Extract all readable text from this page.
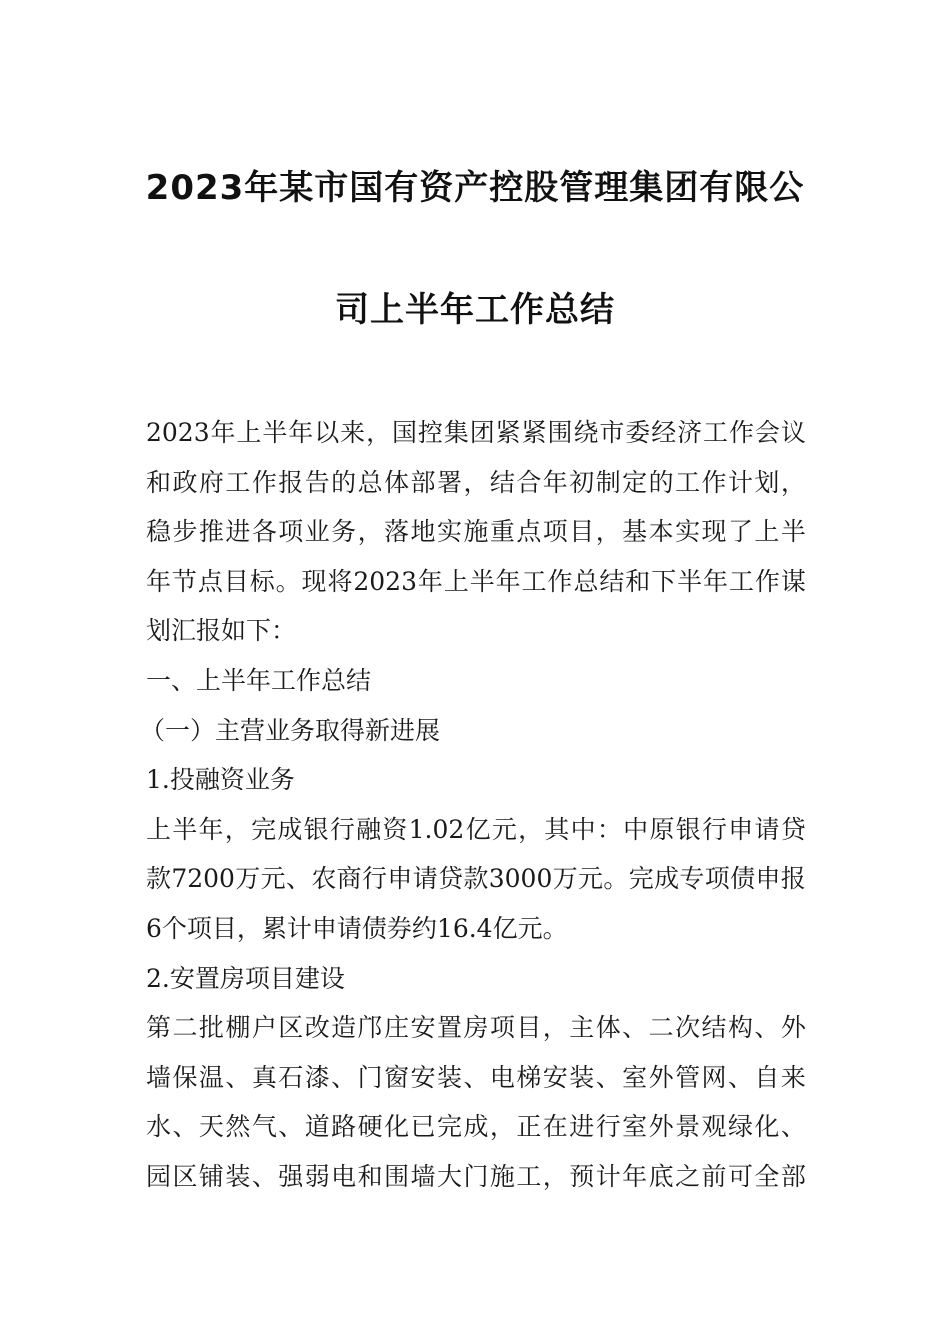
2023年某市国有资产控股管理集团有限公
司上半年工作总结

2023 年 上 半 年 以 来 ， 国 控 集 团 紧 紧 围 绕 市 委 经 济 工 作 会 议
和 政 府 工 作 报 告 的 总 体 部 署 ， 结 合 年 初 制 定 的 工 作 计 划 ，
稳 步 推 进 各 项 业 务 ， 落 地 实 施 重 点 项 目 ， 基 本 实 现 了 上 半
年 节 点 目 标 。 现 将 2023 年 上 半 年 工 作 总 结 和 下 半 年 工 作 谋
划汇报如下：

一、上半年工作总结

（一）主营业务取得新进展

1.投融资业务

上 半 年 ， 完 成 银 行 融 资 1.02 亿 元 ， 其 中 ： 中 原 银 行 申 请 贷
款 7200 万 元 、 农 商 行 申 请 贷 款 3000 万 元 。 完 成 专 项 债 申 报
6个项目，累计申请债券约16.4亿元。

2.安置房项目建设

第 二 批 棚 户 区 改 造 邝 庄 安 置 房 项 目 ， 主 体 、 二 次 结 构 、 外
墙 保 温 、 真 石 漆 、 门 窗 安 装 、 电 梯 安 装 、 室 外 管 网 、 自 来
水 、 天 然 气 、 道 路 硬 化 已 完 成 ， 正 在 进 行 室 外 景 观 绿 化 、
园 区 铺 装 、 强 弱 电 和 围 墙 大 门 施 工 ， 预 计 年 底 之 前 可 全 部
